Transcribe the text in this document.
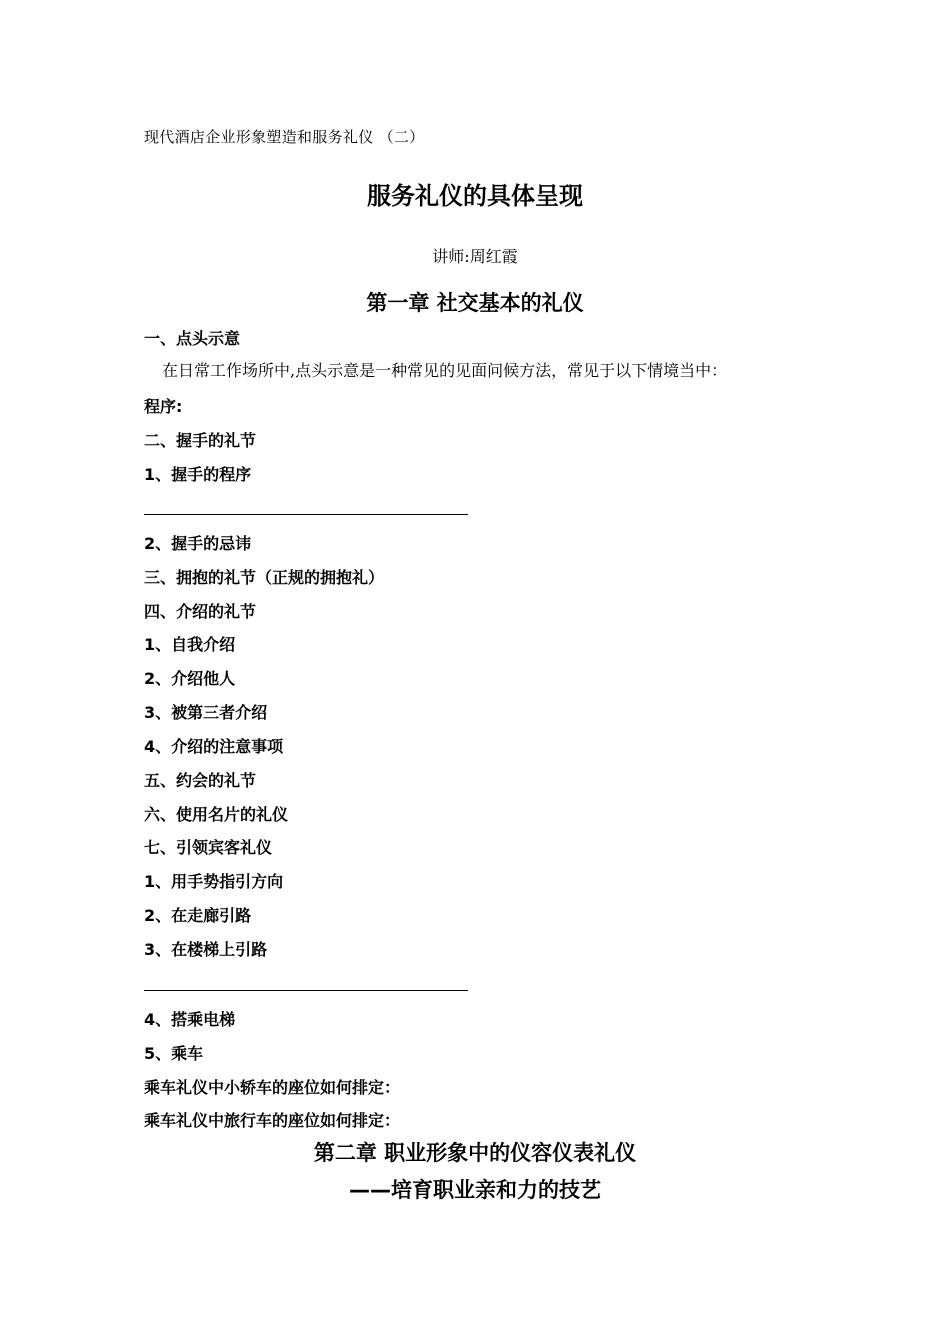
现代酒店企业形象塑造和服务礼仪 （二）
服务礼仪的具体呈现
讲师:周红霞
第一章 社交基本的礼仪
一、点头示意
在日常工作场所中,点头示意是一种常见的见面问候方法，常见于以下情境当中：
程序:
二、握手的礼节
1、握手的程序
2、握手的忌讳
三、拥抱的礼节（正规的拥抱礼）
四、介绍的礼节
1、自我介绍
2、介绍他人
3、被第三者介绍
4、介绍的注意事项
五、约会的礼节
六、使用名片的礼仪
七、引领宾客礼仪
1、用手势指引方向
2、在走廊引路
3、在楼梯上引路
4、搭乘电梯
5、乘车
乘车礼仪中小轿车的座位如何排定：
乘车礼仪中旅行车的座位如何排定：
第二章 职业形象中的仪容仪表礼仪
——培育职业亲和力的技艺
